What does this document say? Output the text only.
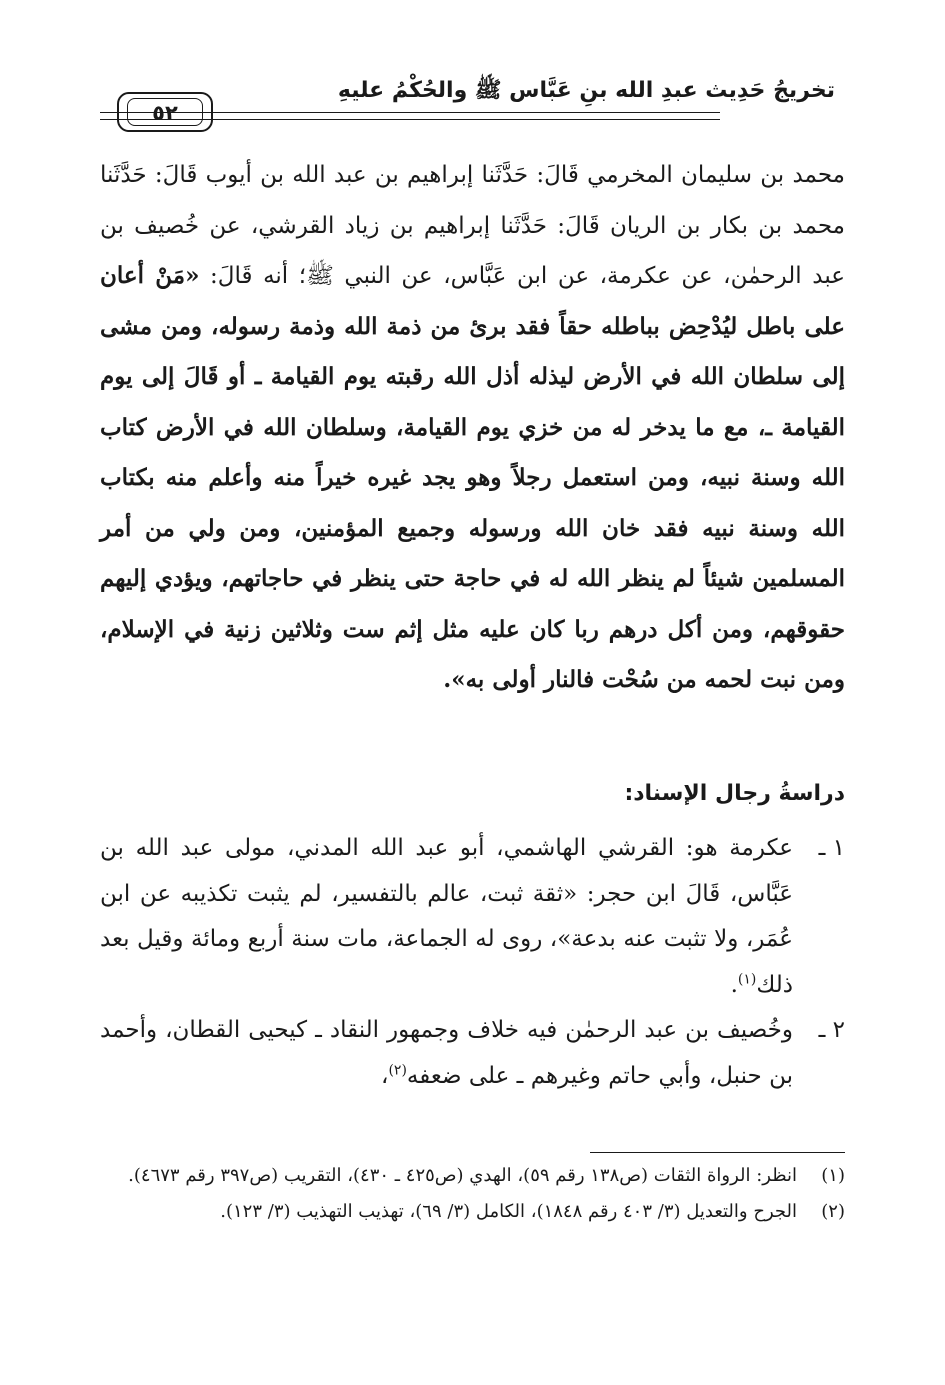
تخريجُ حَدِيث عبدِ الله بنِ عَبَّاس ﷺ والحُكْمُ عليهِ
٥٢

محمد بن سليمان المخرمي قَالَ: حَدَّثَنا إبراهيم بن عبد الله بن أيوب قَالَ: حَدَّثَنا محمد بن بكار بن الريان قَالَ: حَدَّثَنا إبراهيم بن زياد القرشي، عن خُصيف بن عبد الرحمٰن، عن عكرمة، عن ابن عَبَّاس، عن النبي ﷺ؛ أنه قَالَ: «مَنْ أعان على باطل ليُدْحِض بباطله حقاً فقد برئ من ذمة الله وذمة رسوله، ومن مشى إلى سلطان الله في الأرض ليذله أذل الله رقبته يوم القيامة ـ أو قَالَ إلى يوم القيامة ـ، مع ما يدخر له من خزي يوم القيامة، وسلطان الله في الأرض كتاب الله وسنة نبيه، ومن استعمل رجلاً وهو يجد غيره خيراً منه وأعلم منه بكتاب الله وسنة نبيه فقد خان الله ورسوله وجميع المؤمنين، ومن ولي من أمر المسلمين شيئاً لم ينظر الله له في حاجة حتى ينظر في حاجاتهم، ويؤدي إليهم حقوقهم، ومن أكل درهم ربا كان عليه مثل إثم ست وثلاثين زنية في الإسلام، ومن نبت لحمه من سُحْت فالنار أولى به».

دراسةُ رجال الإسناد:
١ ـ
عكرمة هو: القرشي الهاشمي، أبو عبد الله المدني، مولى عبد الله بن عَبَّاس، قَالَ ابن حجر: «ثقة ثبت، عالم بالتفسير، لم يثبت تكذيبه عن ابن عُمَر، ولا تثبت عنه بدعة»، روى له الجماعة، مات سنة أربع ومائة وقيل بعد ذلك$^{(١)}$.
٢ ـ
وخُصيف بن عبد الرحمٰن فيه خلاف وجمهور النقاد ـ كيحيى القطان، وأحمد بن حنبل، وأبي حاتم وغيرهم ـ على ضعفه$^{(٢)}$،

(١)
انظر: الرواة الثقات (ص١٣٨ رقم ٥٩)، الهدي (ص٤٢٥ ـ ٤٣٠)، التقريب (ص٣٩٧ رقم ٤٦٧٣).

(٢)
الجرح والتعديل (٣/ ٤٠٣ رقم ١٨٤٨)، الكامل (٣/ ٦٩)، تهذيب التهذيب (٣/ ١٢٣).
